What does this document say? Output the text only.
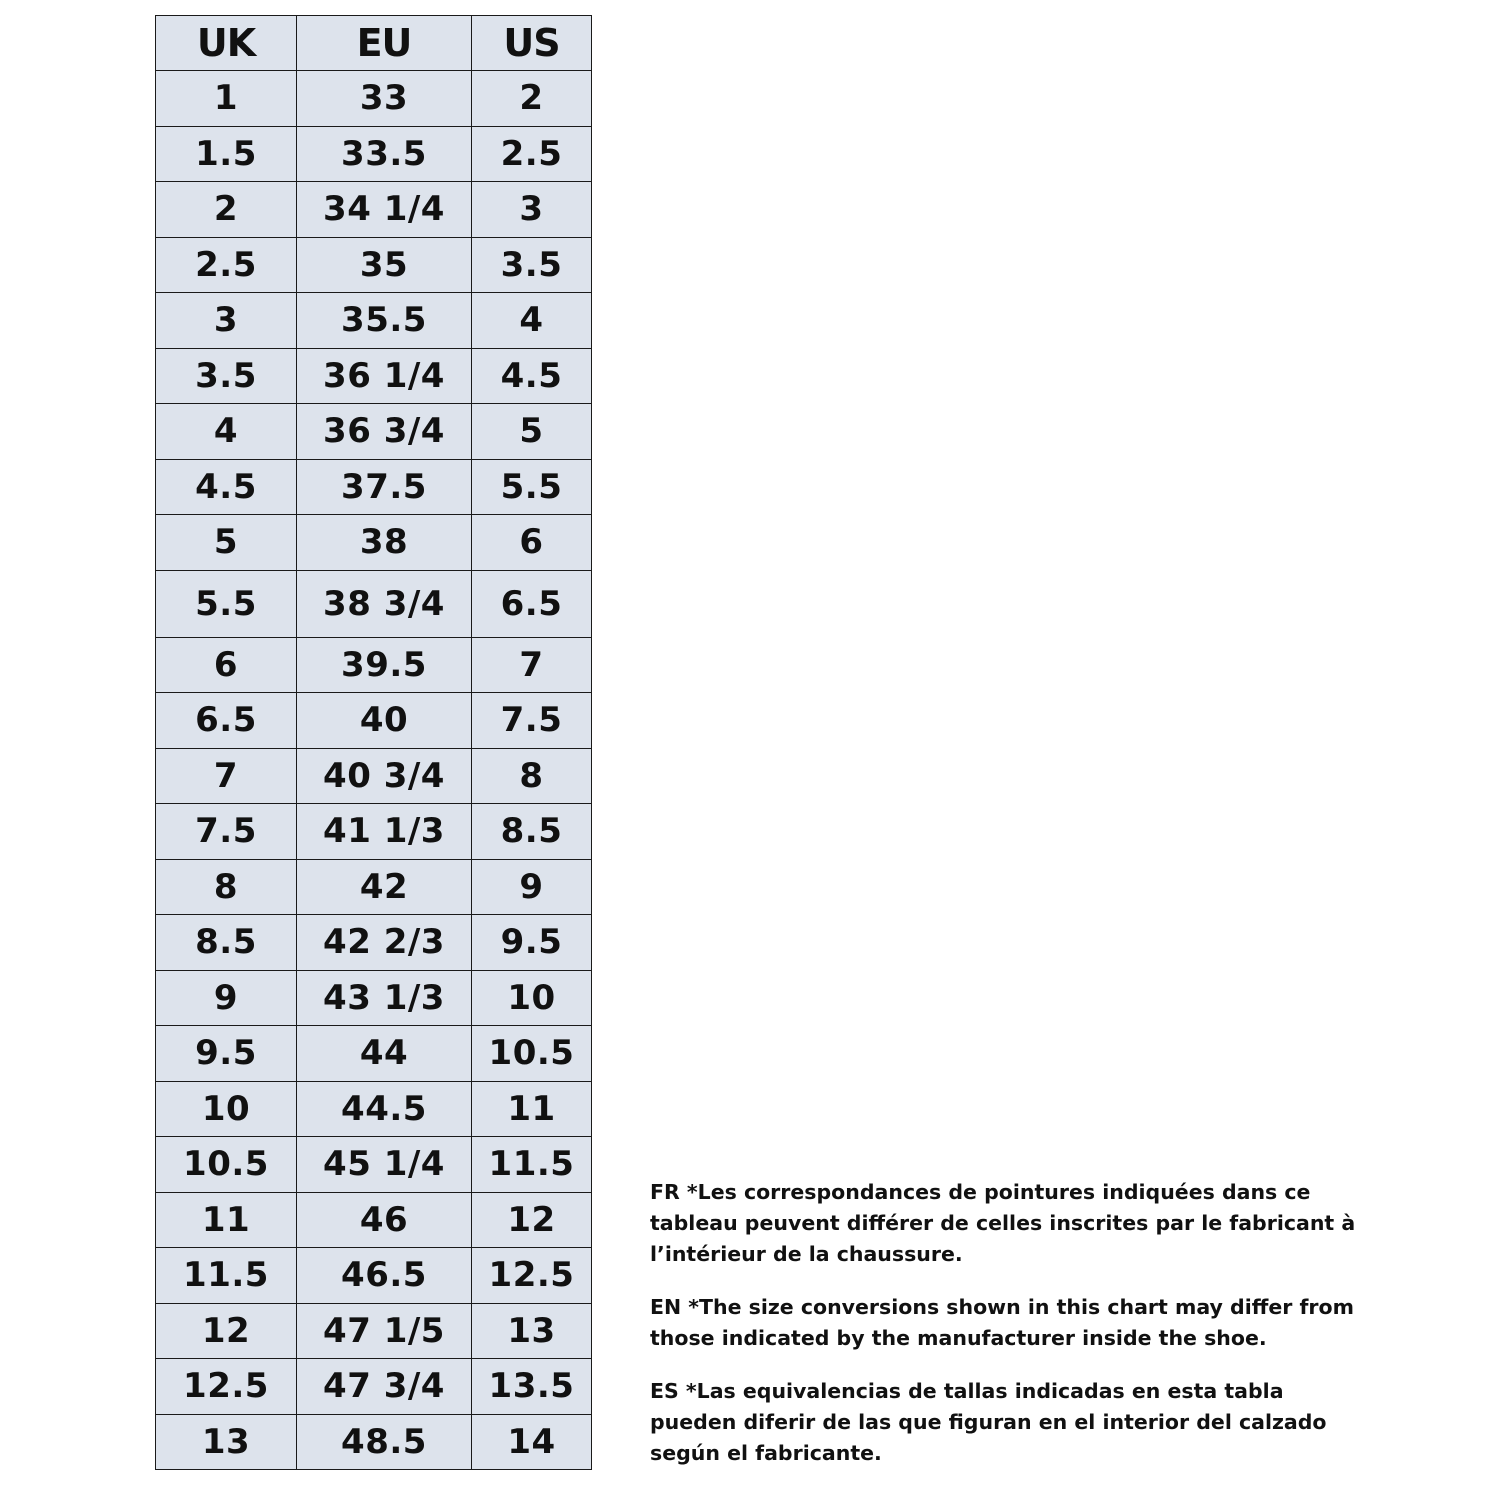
UK	EU	US
1	33	2
1.5	33.5	2.5
2	34 1/4	3
2.5	35	3.5
3	35.5	4
3.5	36 1/4	4.5
4	36 3/4	5
4.5	37.5	5.5
5	38	6
5.5	38 3/4	6.5
6	39.5	7
6.5	40	7.5
7	40 3/4	8
7.5	41 1/3	8.5
8	42	9
8.5	42 2/3	9.5
9	43 1/3	10
9.5	44	10.5
10	44.5	11
10.5	45 1/4	11.5
11	46	12
11.5	46.5	12.5
12	47 1/5	13
12.5	47 3/4	13.5
13	48.5	14

FR *Les correspondances de pointures indiquées dans ce tableau peuvent différer de celles inscrites par le fabricant à l’intérieur de la chaussure.

EN *The size conversions shown in this chart may differ from those indicated by the manufacturer inside the shoe.

ES *Las equivalencias de tallas indicadas en esta tabla pueden diferir de las que figuran en el interior del calzado según el fabricante.
